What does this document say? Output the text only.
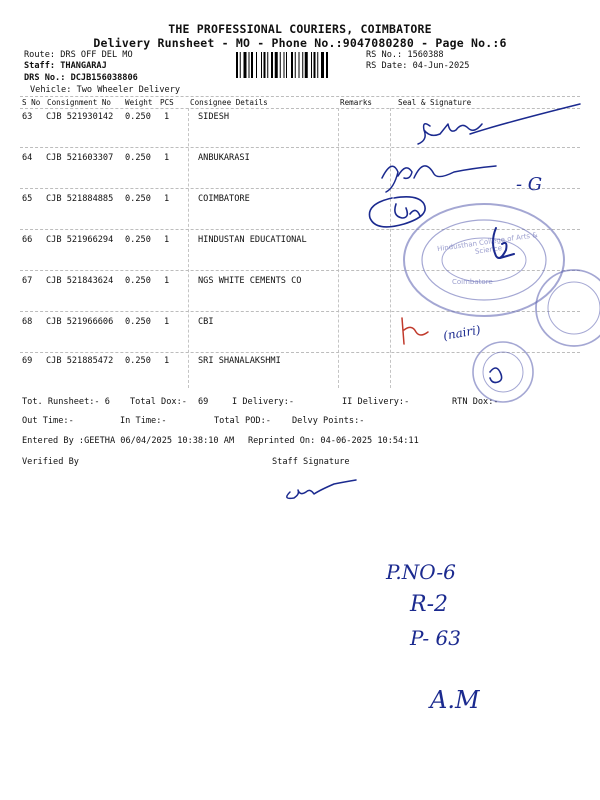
THE PROFESSIONAL COURIERS, COIMBATORE
Delivery Runsheet - MO - Phone No.:9047080280 - Page No.:6
Route: DRS OFF DEL MO
Staff: THANGARAJ
DRS No.: DCJB156038806
Vehicle: Two Wheeler Delivery
RS No.: 1560388
RS Date: 04-Jun-2025
S No Consignment No Weight PCS Consignee Details	Remarks	Seal & Signature
63 CJB 521930142 0.250 1	SIDESH
64 CJB 521603307 0.250 1	ANBUKARASI
65 CJB 521884885 0.250 1	COIMBATORE
66 CJB 521966294 0.250 1	HINDUSTAN EDUCATIONAL
67 CJB 521843624 0.250 1	NGS WHITE CEMENTS CO
68 CJB 521966606 0.250 1	CBI
69 CJB 521885472 0.250 1	SRI SHANALAKSHMI
Tot. Runsheet:- 6 Total Dox:- 69	I Delivery:-	II Delivery:-	RTN Dox:-
Out Time:-	In Time:-	Total POD:- Delvy Points:-
Entered By :GEETHA 06/04/2025 10:38:10 AM Reprinted On: 04-06-2025 10:54:11
Verified By	Staff Signature
- G
(nairi)
Hindusthan College of Arts & Science
Coimbatore
P.NO-6
R-2
P- 63
A.M
